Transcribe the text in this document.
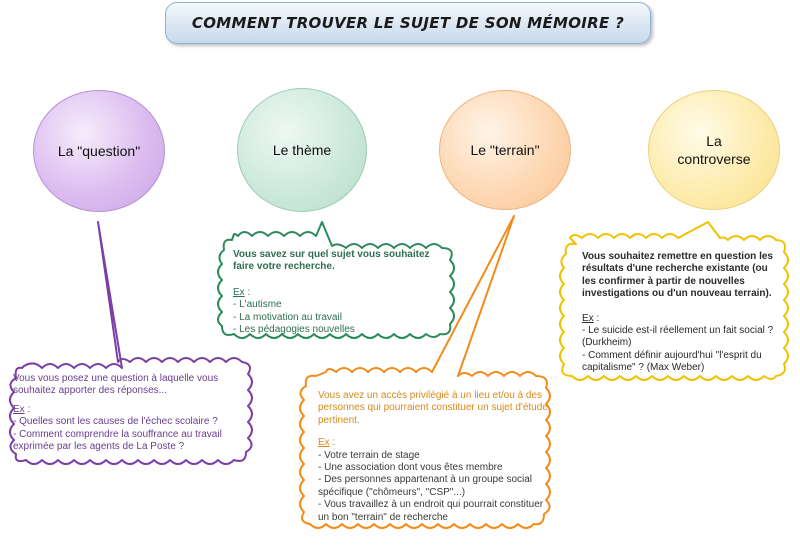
COMMENT TROUVER LE SUJET DE SON MÉMOIRE ?
La "question"	Le thème	Le "terrain"
La
controverse

Vous vous posez une question à laquelle vous souhaitez apporter des réponses...

Ex :

- Quelles sont les causes de l'échec scolaire ?
- Comment comprendre la souffrance au travail exprimée par les agents de La Poste ?

Vous savez sur quel sujet vous souhaitez faire votre recherche.

Ex :

- L'autisme
- La motivation au travail
- Les pédagogies nouvelles

Vous avez un accès privilégié à un lieu et/ou à des personnes qui pourraient constituer un sujet d'étude pertinent.

Ex :

- Votre terrain de stage
- Une association dont vous êtes membre
- Des personnes appartenant à un groupe social spécifique ("chômeurs", "CSP"...)
- Vous travaillez à un endroit qui pourrait constituer un bon "terrain" de recherche

Vous souhaitez remettre en question les résultats d'une recherche existante (ou les confirmer à partir de nouvelles investigations ou d'un nouveau terrain).

Ex :

- Le suicide est-il réellement un fait social ? (Durkheim)
- Comment définir aujourd'hui "l'esprit du capitalisme" ? (Max Weber)
